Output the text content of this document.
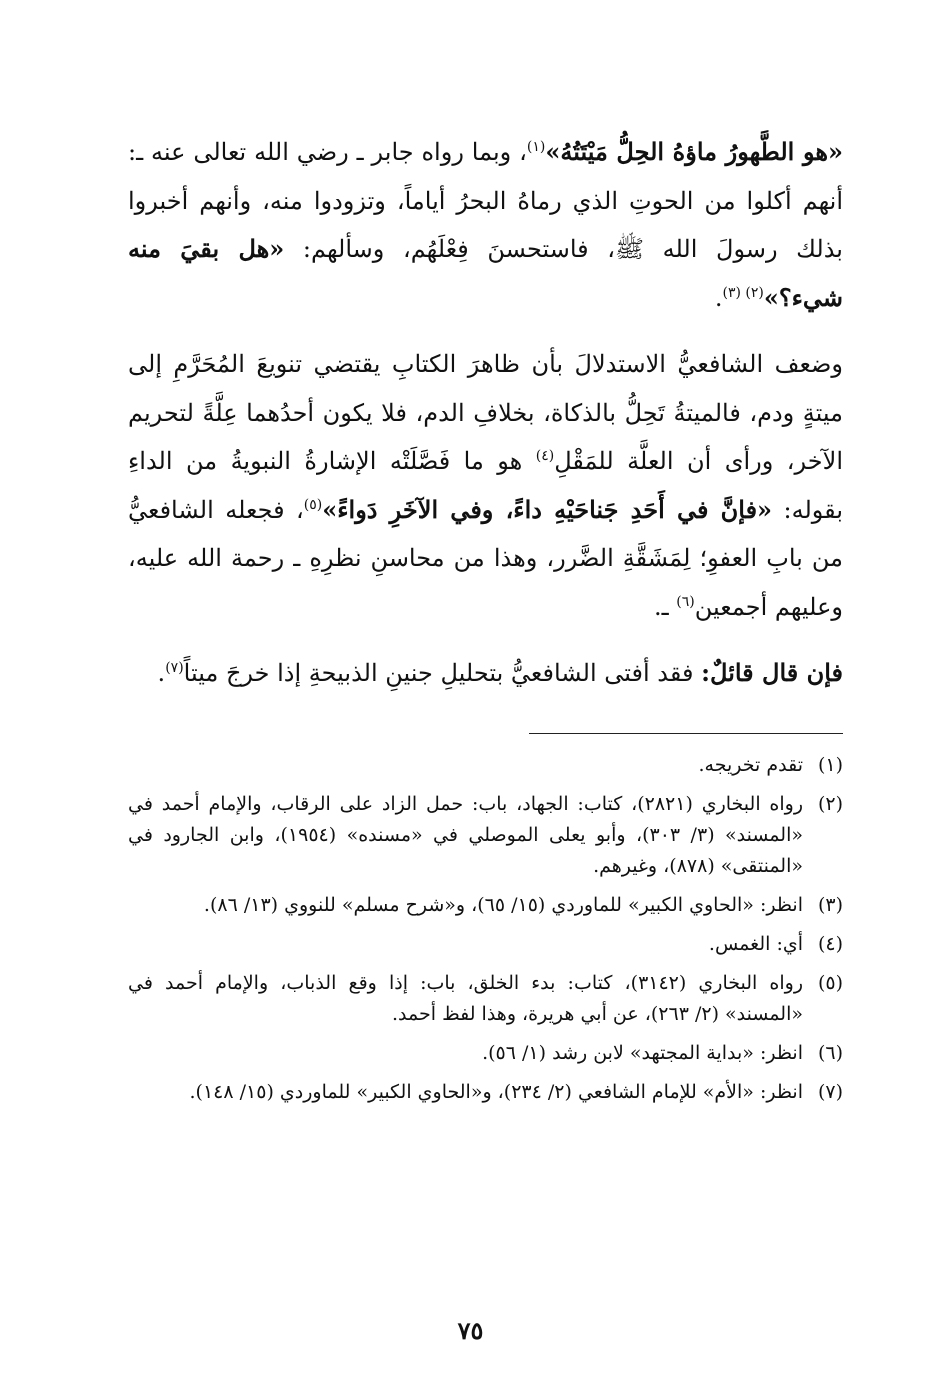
«هو الطَّهورُ ماؤهُ الحِلُّ مَيْتَتُهُ»$^{(١)}$، وبما رواه جابر ـ رضي الله تعالى عنه ـ: أنهم أكلوا من الحوتِ الذي رماهُ البحرُ أياماً، وتزودوا منه، وأنهم أخبروا بذلك رسولَ الله ﷺ، فاستحسنَ فِعْلَهُم، وسألهم: «هل بقيَ منه شيء؟»$^{(٢) (٣)}$.

وضعف الشافعيُّ الاستدلالَ بأن ظاهرَ الكتابِ يقتضي تنويعَ المُحَرَّمِ إلى ميتةٍ ودم، فالميتةُ تَحِلُّ بالذكاة، بخلافِ الدم، فلا يكون أحدُهما عِلَّةً لتحريم الآخر، ورأى أن العلَّة للمَقْلِ$^{(٤)}$ هو ما فَصَّلَتْه الإشارةُ النبويةُ من الداءِ بقوله: «فإنَّ في أَحَدِ جَناحَيْهِ داءً، وفي الآخَرِ دَواءً»$^{(٥)}$، فجعله الشافعيُّ من بابِ العفوِ؛ لِمَشَقَّةِ الضَّرر، وهذا من محاسنِ نظرِهِ ـ رحمة الله عليه، وعليهم أجمعين$^{(٦)}$ ـ.

فإن قال قائلٌ: فقد أفتى الشافعيُّ بتحليلِ جنينِ الذبيحةِ إذا خرجَ ميتاً$^{(٧)}$.

(١)
تقدم تخريجه.
(٢)
رواه البخاري (٢٨٢١)، كتاب: الجهاد، باب: حمل الزاد على الرقاب، والإمام أحمد في «المسند» (٣/ ٣٠٣)، وأبو يعلى الموصلي في «مسنده» (١٩٥٤)، وابن الجارود في «المنتقى» (٨٧٨)، وغيرهم.
(٣)
انظر: «الحاوي الكبير» للماوردي (١٥/ ٦٥)، و«شرح مسلم» للنووي (١٣/ ٨٦).
(٤)
أي: الغمس.
(٥)
رواه البخاري (٣١٤٢)، كتاب: بدء الخلق، باب: إذا وقع الذباب، والإمام أحمد في «المسند» (٢/ ٢٦٣)، عن أبي هريرة، وهذا لفظ أحمد.
(٦)
انظر: «بداية المجتهد» لابن رشد (١/ ٥٦).
(٧)
انظر: «الأم» للإمام الشافعي (٢/ ٢٣٤)، و«الحاوي الكبير» للماوردي (١٥/ ١٤٨).
٧٥
